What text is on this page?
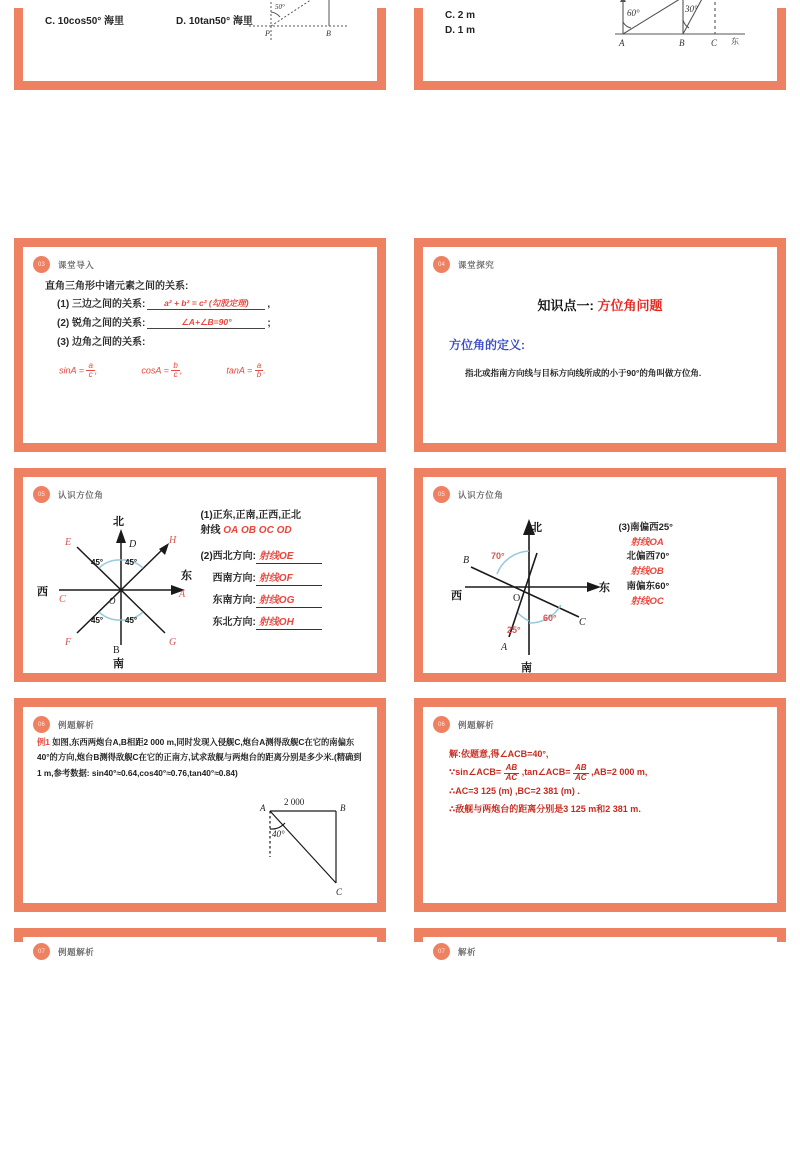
C. 10cos50° 海里	D. 10tan50° 海里
50°
P	B
C. 2 m
D. 1 m
60°	30°
A	B	C 东
03	课堂导入
直角三角形中诸元素之间的关系:
(1) 三边之间的关系:	a² + b² = c² (勾股定理)	,
(2) 锐角之间的关系:	∠A+∠B=90°	;
(3) 边角之间的关系:
$\sin A = \frac{a}{c}$ ,	$\cos A = \frac{b}{c}$ ,	$\tan A = \frac{a}{b}$ .
04	课堂探究
知识点一: 方位角问题
方位角的定义:
指北或指南方向线与目标方向线所成的小于90°的角叫做方位角.
05	认识方位角
北
南
东
西
D
B
A
C
E	H
F	G
45°	45°
45°	45°
O
(1)正东,正南,正西,正北
射线 OA OB OC OD
(2)西北方向: 射线OE
西南方向: 射线OF
东南方向: 射线OG
东北方向: 射线OH
05	认识方位角
北
南
东
西
B
C
A
O
70°
60°
25°
(3)南偏西25°
射线OA
北偏西70°
射线OB
南偏东60°
射线OC
06	例题解析
例1 如图,东西两炮台A,B相距2 000 m,同时发现入侵舰C,炮台A测得敌舰C在它的南偏东40°的方向,炮台B测得敌舰C在它的正南方,试求敌舰与两炮台的距离分别是多少米.(精确到1 m,参考数据: sin40°≈0.64,cos40°≈0.76,tan40°≈0.84)
A	B
C
2 000
40°
06	例题解析
解:依题意,得∠ACB=40°,
∵sin∠ACB= $\frac{AB}{AC}$ ,tan∠ACB= $\frac{AB}{AC} ,AB=2$ 000 m,
∴AC=3 125 (m) ,BC=2 381 (m) .
∴敌舰与两炮台的距离分别是3 125 m和2 381 m.
07	例题解析	07	解析
